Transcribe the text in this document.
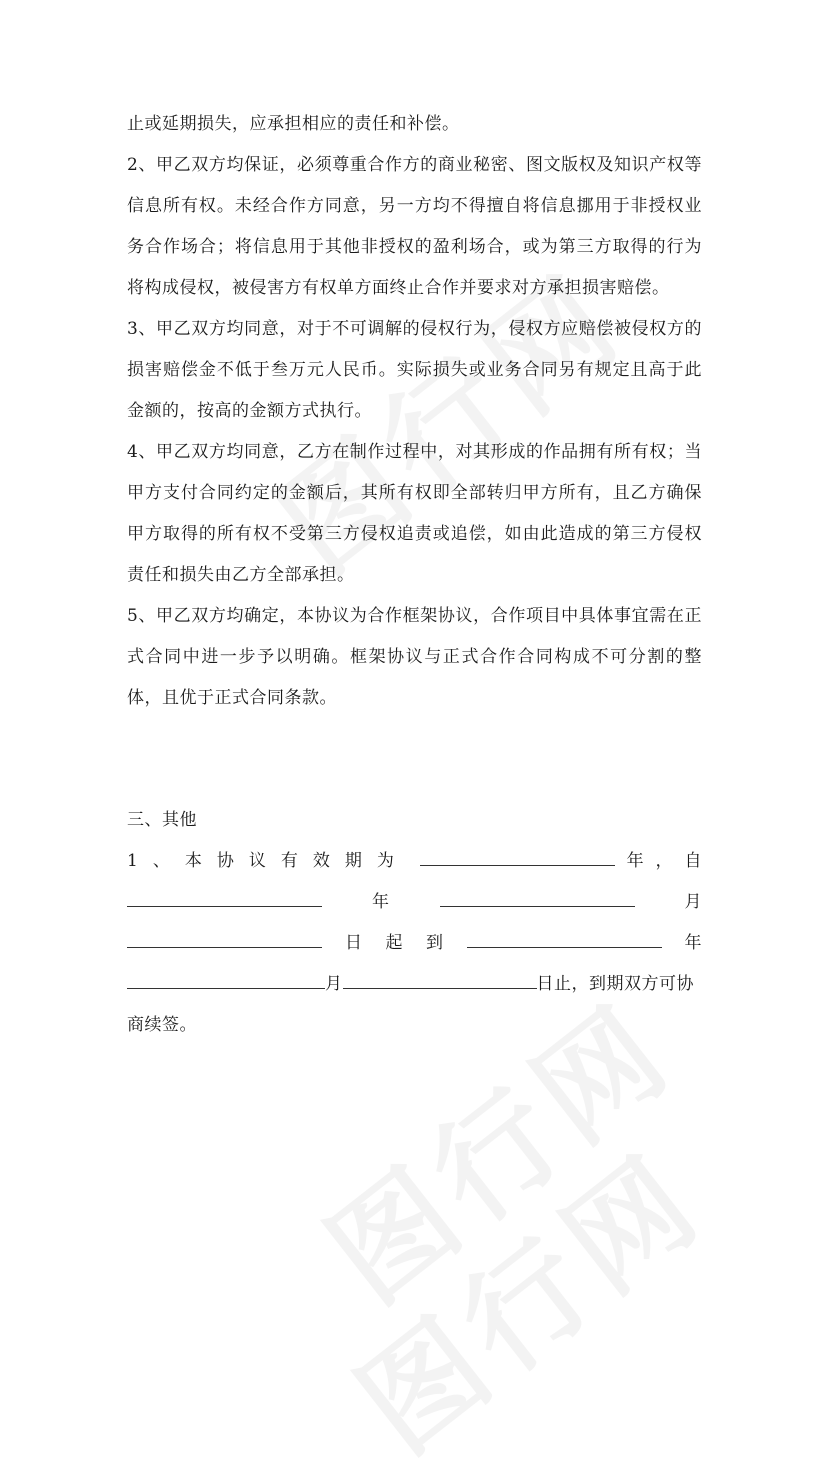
止或延期损失，应承担相应的责任和补偿。

2、甲乙双方均保证，必须尊重合作方的商业秘密、图文版权及知识产权等信息所有权。未经合作方同意，另一方均不得擅自将信息挪用于非授权业务合作场合；将信息用于其他非授权的盈利场合，或为第三方取得的行为将构成侵权，被侵害方有权单方面终止合作并要求对方承担损害赔偿。

3、甲乙双方均同意，对于不可调解的侵权行为，侵权方应赔偿被侵权方的损害赔偿金不低于叁万元人民币。实际损失或业务合同另有规定且高于此金额的，按高的金额方式执行。

4、甲乙双方均同意，乙方在制作过程中，对其形成的作品拥有所有权；当甲方支付合同约定的金额后，其所有权即全部转归甲方所有，且乙方确保甲方取得的所有权不受第三方侵权追责或追偿，如由此造成的第三方侵权责任和损失由乙方全部承担。

5、甲乙双方均确定，本协议为合作框架协议，合作项目中具体事宜需在正式合同中进一步予以明确。框架协议与正式合作合同构成不可分割的整体，且优于正式合同条款。

三、其他

1、本协议有效期为	年 ， 自
年	月
日 起 到	年
月	日止，到期双方可协

商续签。
